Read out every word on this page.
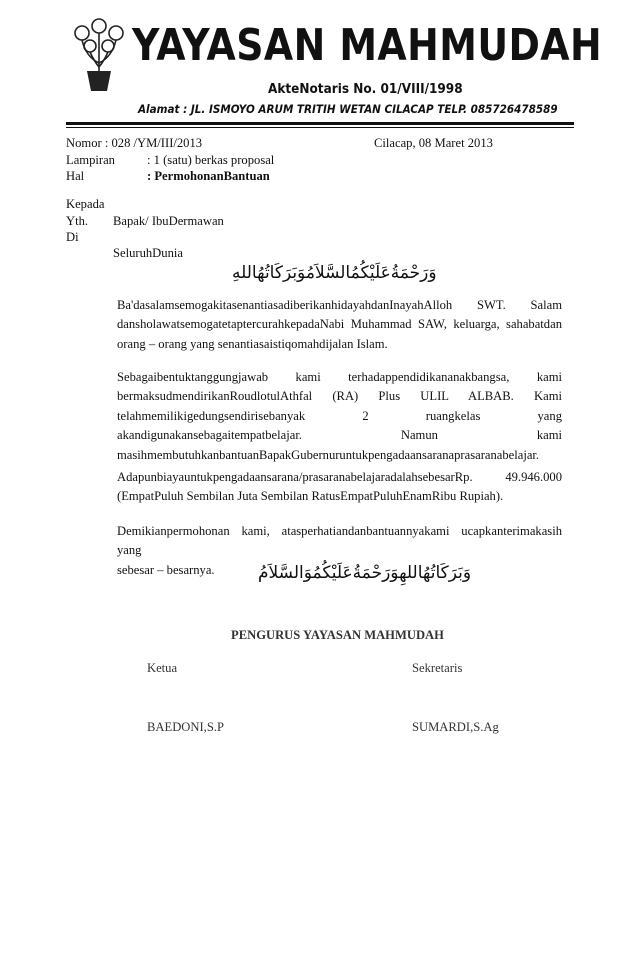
YAYASAN MAHMUDAH
AkteNotaris No. 01/VIII/1998
Alamat : JL. ISMOYO ARUM TRITIH WETAN CILACAP TELP. 085726478589
Nomor : 028 /YM/III/2013	Cilacap, 08 Maret 2013
Lampiran	: 1 (satu) berkas proposal
Hal	: PermohonanBantuan
Kepada
Yth. Bapak/ IbuDermawan
Di
SeluruhDunia
وَرَحْمَةُعَلَيْكُمُالسَّلاَمُوَبَرَكَاتُهُاللهِ
Ba'dasalamsemogakitasenantiasadiberikanhidayahdanInayahAlloh SWT. Salam
dansholawatsemogatetaptercurahkepadaNabi Muhammad SAW, keluarga, sahabatdan
orang – orang yang senantiasaistiqomahdijalan Islam.
Sebagaibentuktanggungjawab kami terhadappendidikananakbangsa, kami
bermaksudmendirikanRoudlotulAthfal (RA) Plus ULIL ALBAB. Kami
telahmemilikigedungsendirisebanyak 2 ruangkelas yang
akandigunakansebagaitempatbelajar. Namun kami
masihmembutuhkanbantuanBapakGubernuruntukpengadaansaranaprasaranabelajar.
Adapunbiayauntukpengadaansarana/prasaranabelajaradalahsebesarRp. 49.946.000
(EmpatPuluh Sembilan Juta Sembilan RatusEmpatPuluhEnamRibu Rupiah).
Demikianpermohonan kami, atasperhatiandanbantuannyakami ucapkanterimakasih yang
sebesar – besarnya.	وَبَرَكَاتُهُاللهِوَرَحْمَةُعَلَيْكُمُوَالسَّلاَمُ
PENGURUS YAYASAN MAHMUDAH
Ketua	Sekretaris
BAEDONI,S.P	SUMARDI,S.Ag
